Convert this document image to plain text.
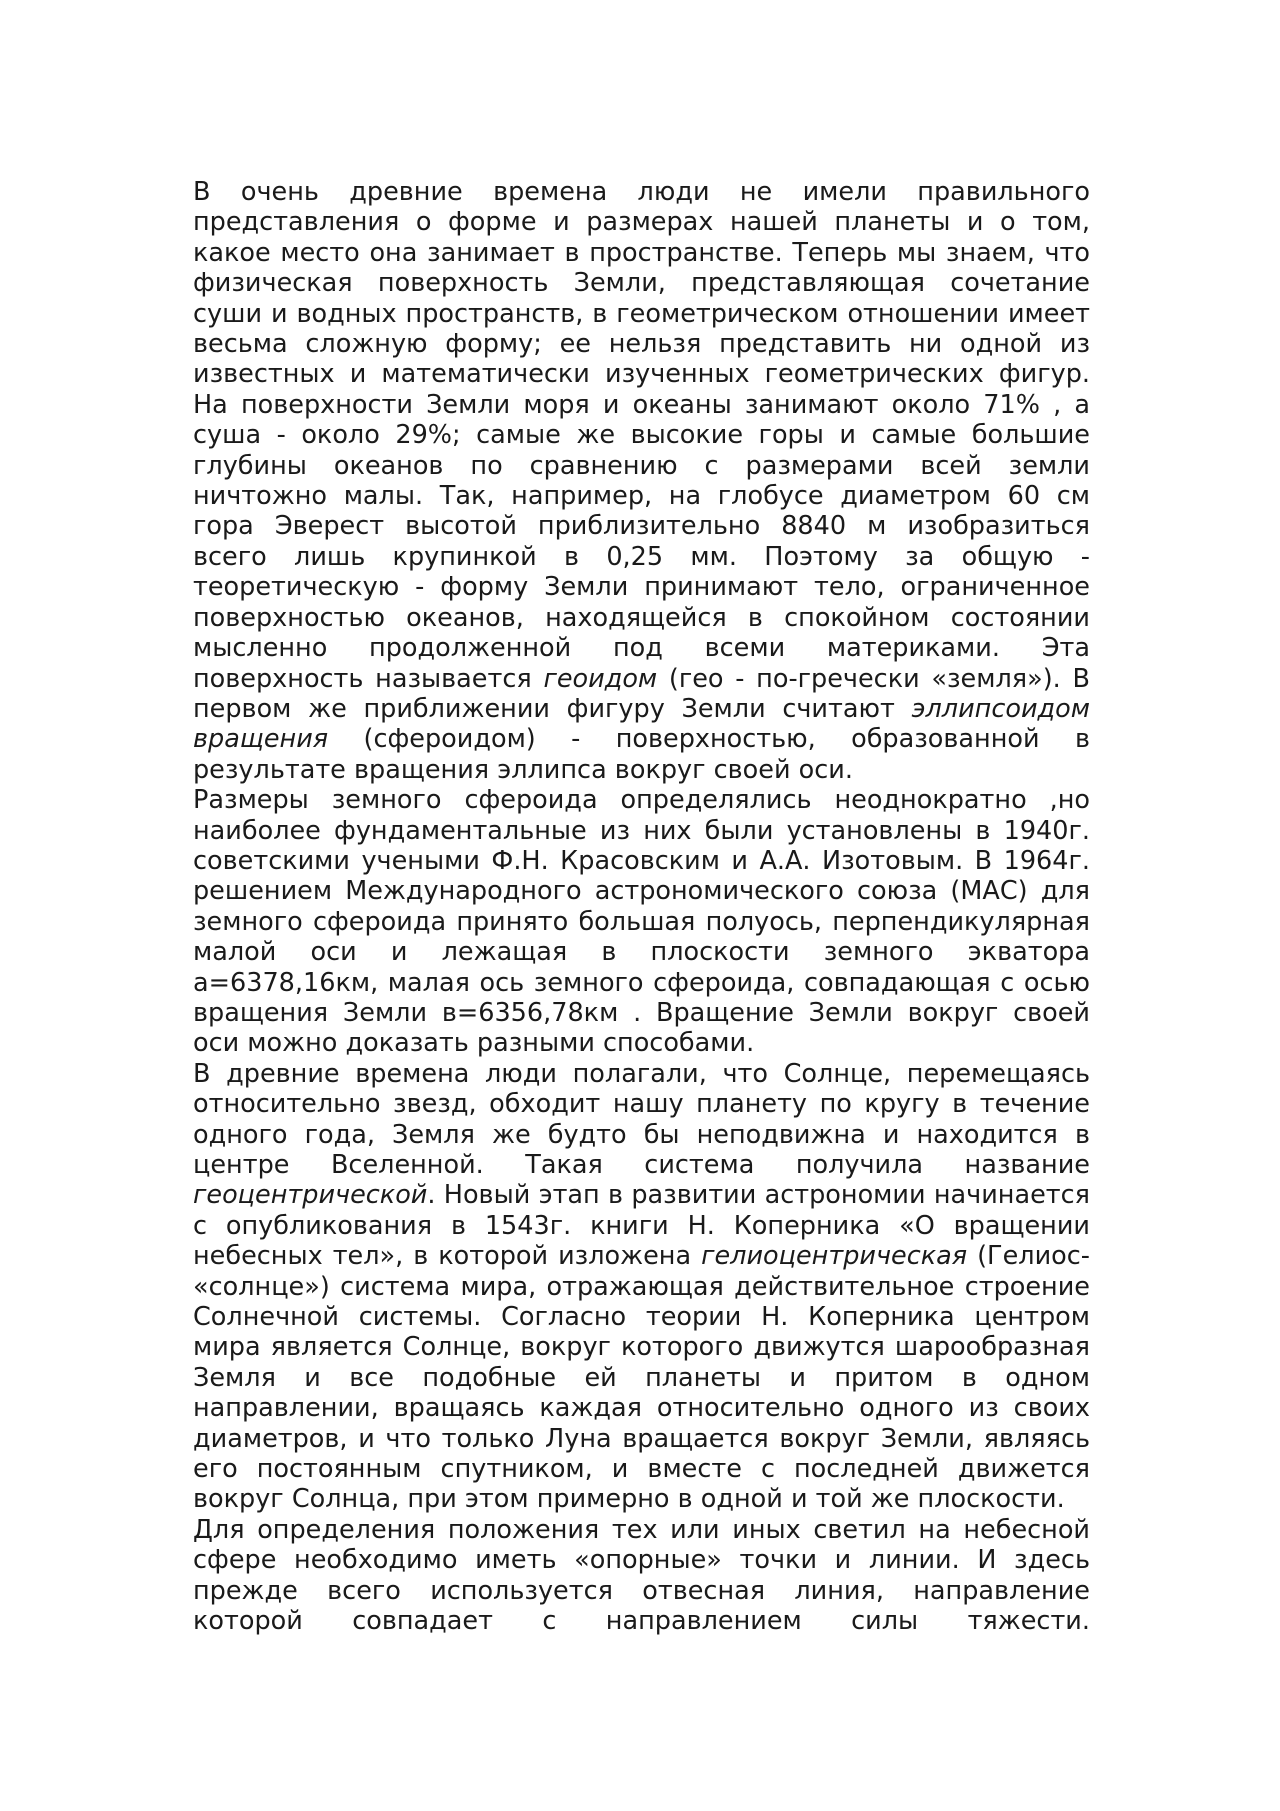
В очень древние времена люди не имели правильного представления о форме и размерах нашей планеты и о том, какое место она занимает в пространстве. Теперь мы знаем, что физическая поверхность Земли, представляющая сочетание суши и водных пространств, в геометрическом отношении имеет весьма сложную форму; ее нельзя представить ни одной из известных и математически изученных геометрических фигур. На поверхности Земли моря и океаны занимают около 71% , а суша - около 29%; самые же высокие горы и самые большие глубины океанов по сравнению с размерами всей земли ничтожно малы. Так, например, на глобусе диаметром 60 см гора Эверест высотой приблизительно 8840 м изобразиться всего лишь крупинкой в 0,25 мм. Поэтому за общую - теоретическую - форму Земли принимают тело, ограниченное поверхностью океанов, находящейся в спокойном состоянии мысленно продолженной под всеми материками. Эта поверхность называется геоидом (гео - по-гречески «земля»). В первом же приближении фигуру Земли считают эллипсоидом вращения (сфероидом) - поверхностью, образованной в результате вращения эллипса вокруг своей оси.

Размеры земного сфероида определялись неоднократно ,но наиболее фундаментальные из них были установлены в 1940г. советскими учеными Ф.Н. Красовским и А.А. Изотовым. В 1964г. решением Международного астрономического союза (МАС) для земного сфероида принято большая полуось, перпендикулярная малой оси и лежащая в плоскости земного экватора а=6378,16км, малая ось земного сфероида, совпадающая с осью вращения Земли в=6356,78км . Вращение Земли вокруг своей оси можно доказать разными способами.

В древние времена люди полагали, что Солнце, перемещаясь относительно звезд, обходит нашу планету по кругу в течение одного года, Земля же будто бы неподвижна и находится в центре Вселенной. Такая система получила название геоцентрической. Новый этап в развитии астрономии начинается с опубликования в 1543г. книги Н. Коперника «О вращении небесных тел», в которой изложена гелиоцентрическая (Гелиос- «солнце») система мира, отражающая действительное строение Солнечной системы. Согласно теории Н. Коперника центром мира является Солнце, вокруг которого движутся шарообразная Земля и все подобные ей планеты и притом в одном направлении, вращаясь каждая относительно одного из своих диаметров, и что только Луна вращается вокруг Земли, являясь его постоянным спутником, и вместе с последней движется вокруг Солнца, при этом примерно в одной и той же плоскости.

Для определения положения тех или иных светил на небесной сфере необходимо иметь «опорные» точки и линии. И здесь прежде всего используется отвесная линия, направление которой совпадает с направлением силы тяжести.
